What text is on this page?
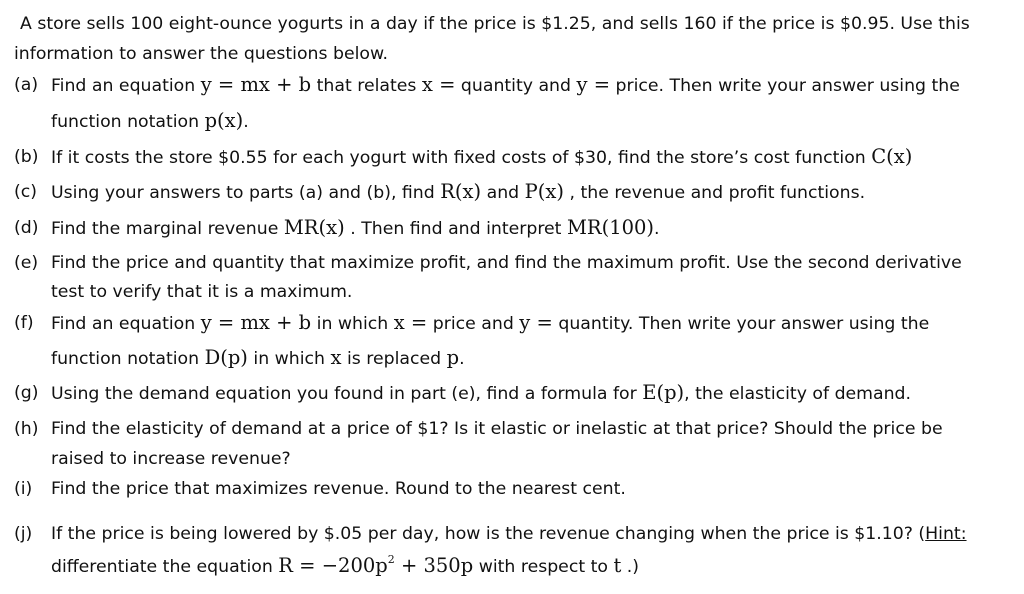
A store sells 100 eight-ounce yogurts in a day if the price is $1.25, and sells 160 if the price is $0.95. Use this
information to answer the questions below.
(a) Find an equation y = mx + b that relates x = quantity and y = price. Then write your answer using the
function notation p(x).
(b) If it costs the store $0.55 for each yogurt with fixed costs of $30, find the store’s cost function C(x)
(c) Using your answers to parts (a) and (b), find R(x) and P(x) , the revenue and profit functions.
(d) Find the marginal revenue MR(x) . Then find and interpret MR(100).
(e) Find the price and quantity that maximize profit, and find the maximum profit. Use the second derivative
test to verify that it is a maximum.
(f) Find an equation y = mx + b in which x = price and y = quantity. Then write your answer using the
function notation D(p) in which x is replaced p.
(g) Using the demand equation you found in part (e), find a formula for E(p), the elasticity of demand.
(h) Find the elasticity of demand at a price of $1? Is it elastic or inelastic at that price? Should the price be
raised to increase revenue?
(i) Find the price that maximizes revenue. Round to the nearest cent.
(j) If the price is being lowered by $.05 per day, how is the revenue changing when the price is $1.10? (Hint:
differentiate the equation $R = -200p^2 + 350p$ with respect to t .)
